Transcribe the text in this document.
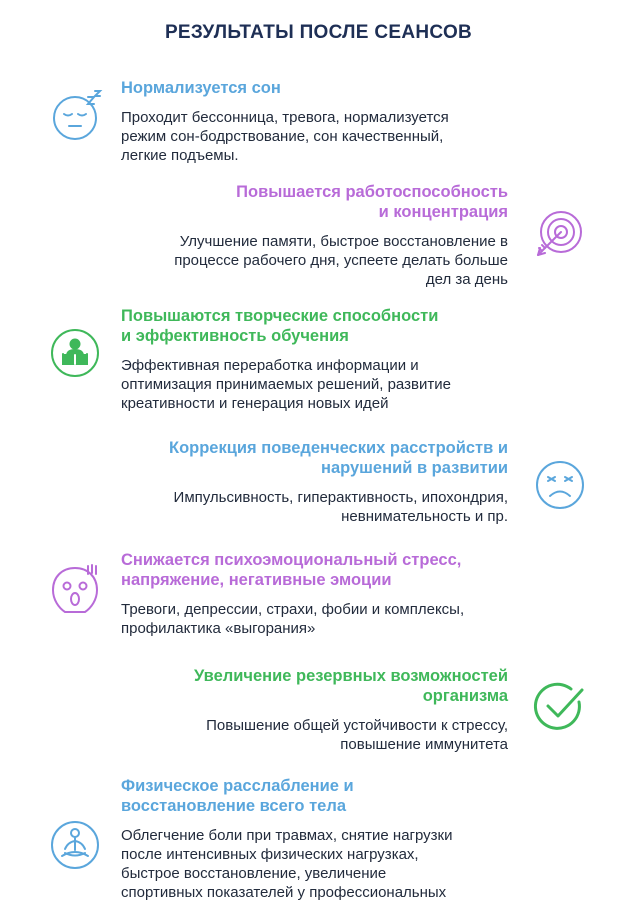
РЕЗУЛЬТАТЫ ПОСЛЕ СЕАНСОВ
Нормализуется сон
Проходит бессонница, тревога, нормализуется
режим сон-бодрствование, сон качественный,
легкие подъемы.
Повышается работоспособность
и концентрация
Улучшение памяти, быстрое восстановление в
процессе рабочего дня, успеете делать больше
дел за день
Повышаются творческие способности
и эффективность обучения
Эффективная переработка информации и
оптимизация принимаемых решений, развитие
креативности и генерация новых идей
Коррекция поведенческих расстройств и
нарушений в развитии
Импульсивность, гиперактивность, ипохондрия,
невнимательность и пр.
Снижается психоэмоциональный стресс,
напряжение, негативные эмоции
Тревоги, депрессии, страхи, фобии и комплексы,
профилактика «выгорания»
Увеличение резервных возможностей
организма
Повышение общей устойчивости к стрессу,
повышение иммунитета
Физическое расслабление и
восстановление всего тела
Облегчение боли при травмах, снятие нагрузки
после интенсивных физических нагрузках,
быстрое восстановление, увеличение
спортивных показателей у профессиональных
